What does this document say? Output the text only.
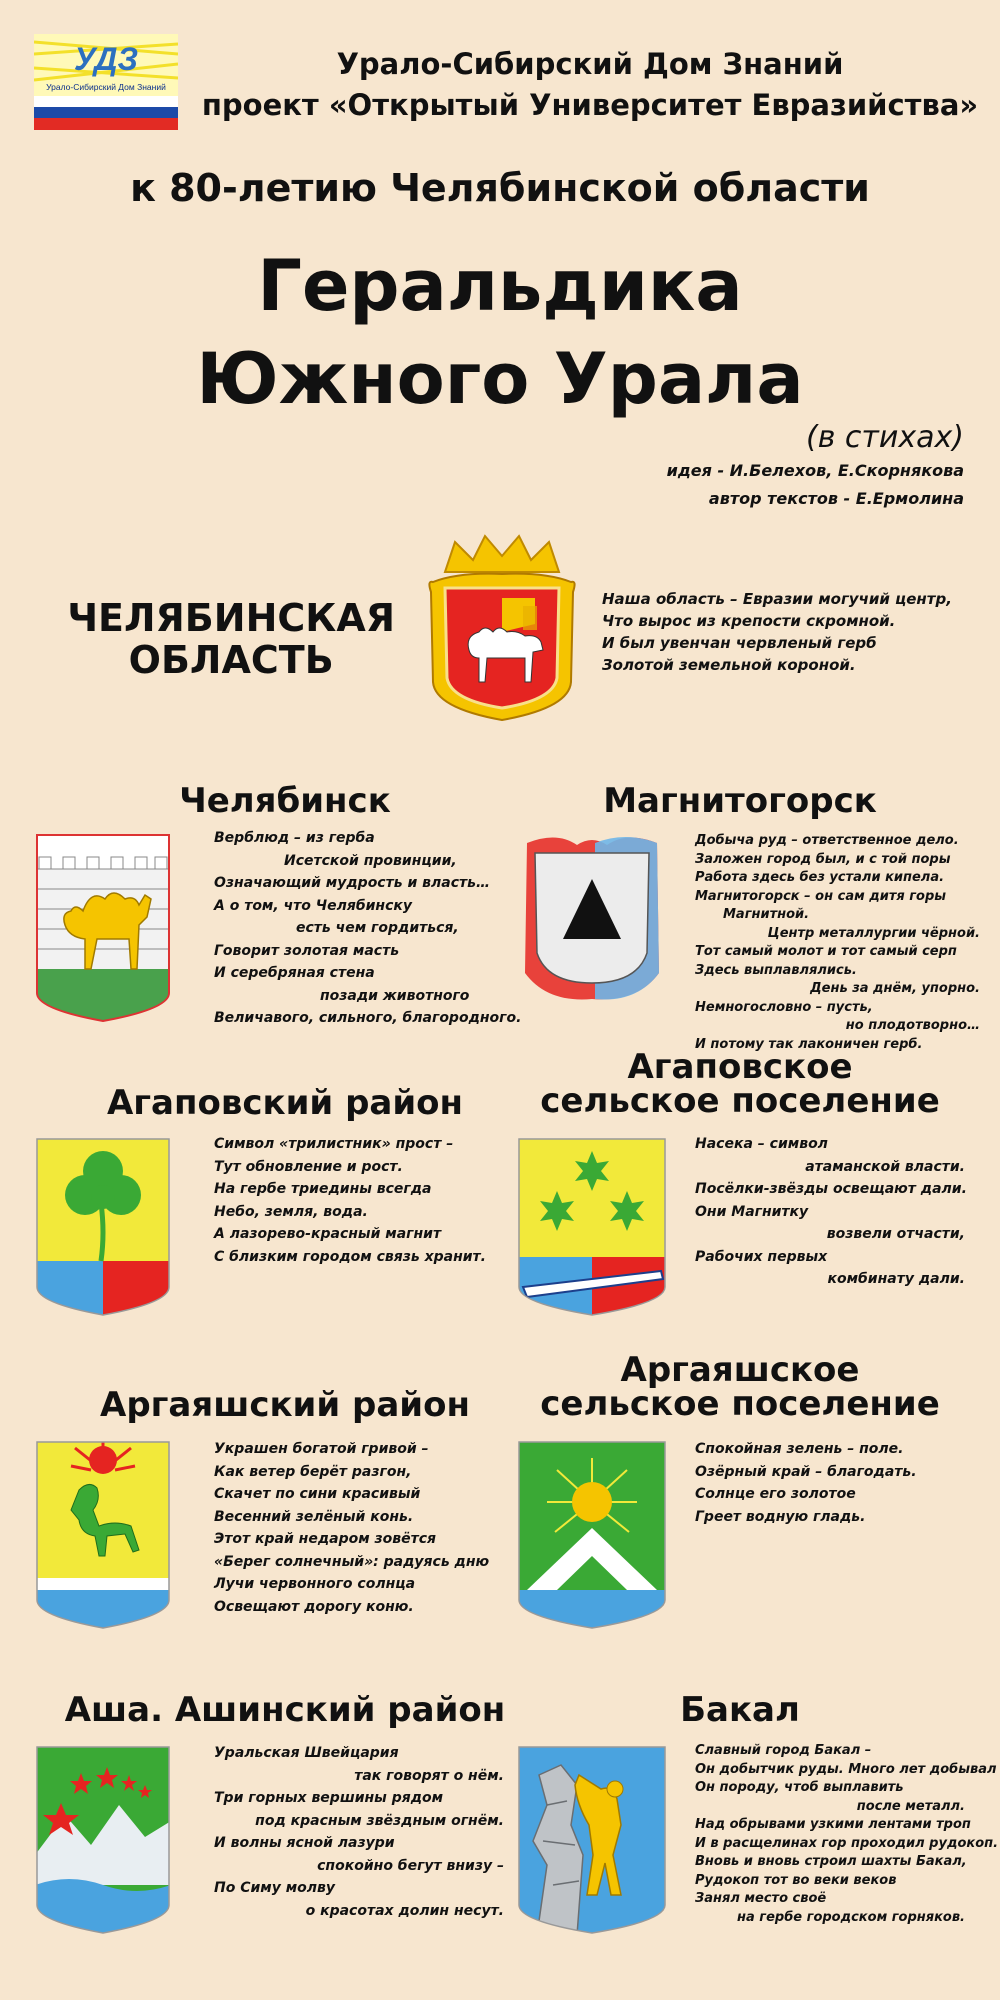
УДЗ
Урало-Сибирский Дом Знаний
Урало-Сибирский Дом Знаний
проект «Открытый Университет Евразийства»
к 80-летию Челябинской области
Геральдика
Южного Урала
(в стихах)
идея - И.Белехов, Е.Скорнякова
автор текстов - Е.Ермолина
ЧЕЛЯБИНСКАЯ
ОБЛАСТЬ
Наша область – Евразии могучий центр,
Что вырос из крепости скромной.
И был увенчан червленый герб
Золотой земельной короной.
Челябинск
Верблюд – из герба
Исетской провинции,
Означающий мудрость и власть…
А о том, что Челябинску
есть чем гордиться,
Говорит золотая масть
И серебряная стена
позади животного
Величавого, сильного, благородного.
Магнитогорск
Добыча руд – ответственное дело.
Заложен город был, и с той поры
Работа здесь без устали кипела.
Магнитогорск – он сам дитя горы
Магнитной.
Центр металлургии чёрной.
Тот самый молот и тот самый серп
Здесь выплавлялись.
День за днём, упорно.
Немногословно – пусть,
но плодотворно…
И потому так лаконичен герб.
Агаповский район
Символ «трилистник» прост –
Тут обновление и рост.
На гербе триедины всегда
Небо, земля, вода.
А лазорево-красный магнит
С близким городом связь хранит.
Агаповское
сельское поселение
Насека – символ
атаманской власти.
Посёлки-звёзды освещают дали.
Они Магнитку
возвели отчасти,
Рабочих первых
комбинату дали.
Аргаяшский район
Украшен богатой гривой –
Как ветер берёт разгон,
Скачет по сини красивый
Весенний зелёный конь.
Этот край недаром зовётся
«Берег солнечный»: радуясь дню
Лучи червонного солнца
Освещают дорогу коню.
Аргаяшское
сельское поселение
Спокойная зелень – поле.
Озёрный край – благодать.
Солнце его золотое
Греет водную гладь.
Аша. Ашинский район
Уральская Швейцария
так говорят о нём.
Три горных вершины рядом
под красным звёздным огнём.
И волны ясной лазури
спокойно бегут внизу –
По Симу молву
о красотах долин несут.
Бакал
Славный город Бакал –
Он добытчик руды. Много лет добывал
Он породу, чтоб выплавить
после металл.
Над обрывами узкими лентами троп
И в расщелинах гор проходил рудокоп.
Вновь и вновь строил шахты Бакал,
Рудокоп тот во веки веков
Занял место своё
на гербе городском горняков.
